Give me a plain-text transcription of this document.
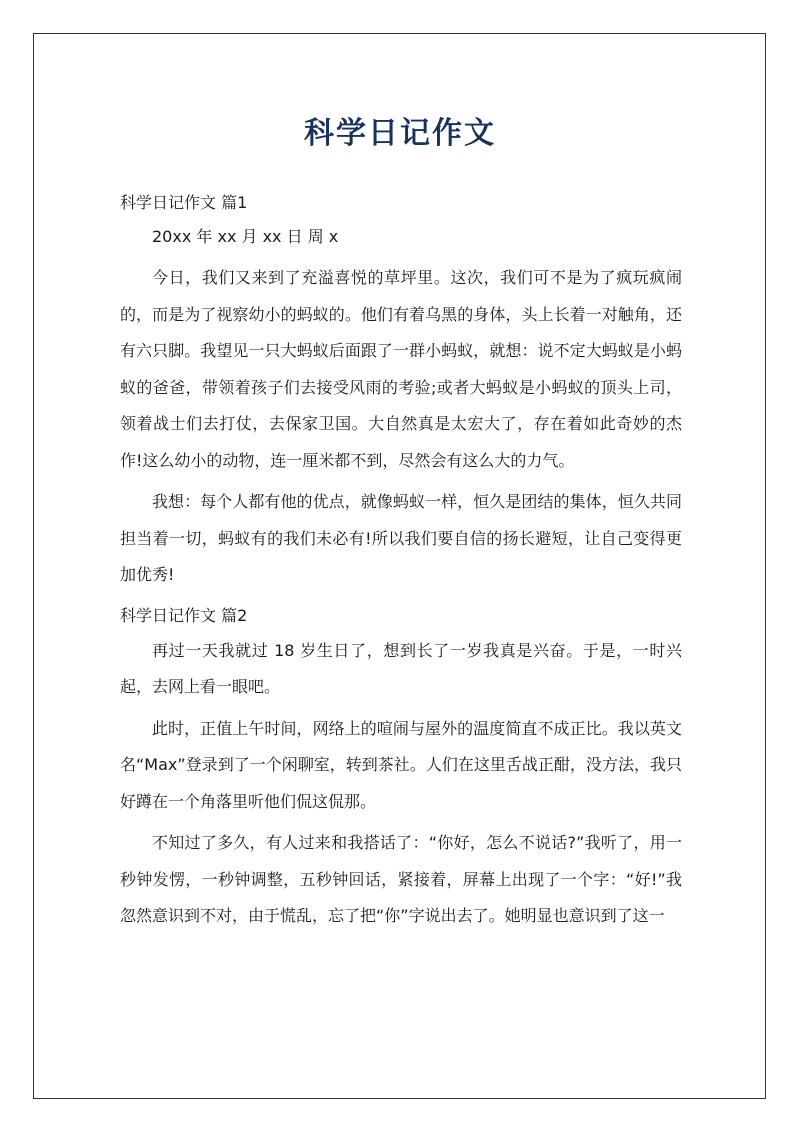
科学日记作文

科学日记作文 篇1

20xx 年 xx 月 xx 日 周 x

今日，我们又来到了充溢喜悦的草坪里。这次，我们可不是为了疯玩疯闹的，而是为了视察幼小的蚂蚁的。他们有着乌黑的身体，头上长着一对触角，还有六只脚。我望见一只大蚂蚁后面跟了一群小蚂蚁，就想：说不定大蚂蚁是小蚂蚁的爸爸，带领着孩子们去接受风雨的考验;或者大蚂蚁是小蚂蚁的顶头上司，领着战士们去打仗，去保家卫国。大自然真是太宏大了，存在着如此奇妙的杰作!这么幼小的动物，连一厘米都不到，尽然会有这么大的力气。

我想：每个人都有他的优点，就像蚂蚁一样，恒久是团结的集体，恒久共同担当着一切，蚂蚁有的我们未必有!所以我们要自信的扬长避短，让自己变得更加优秀!

科学日记作文 篇2

再过一天我就过 18 岁生日了，想到长了一岁我真是兴奋。于是，一时兴起，去网上看一眼吧。

此时，正值上午时间，网络上的喧闹与屋外的温度简直不成正比。我以英文名“Max”登录到了一个闲聊室，转到茶社。人们在这里舌战正酣，没方法，我只好蹲在一个角落里听他们侃这侃那。

不知过了多久，有人过来和我搭话了：“你好，怎么不说话?”我听了，用一秒钟发愣，一秒钟调整，五秒钟回话，紧接着，屏幕上出现了一个字：“好!”我忽然意识到不对，由于慌乱，忘了把“你”字说出去了。她明显也意识到了这一
